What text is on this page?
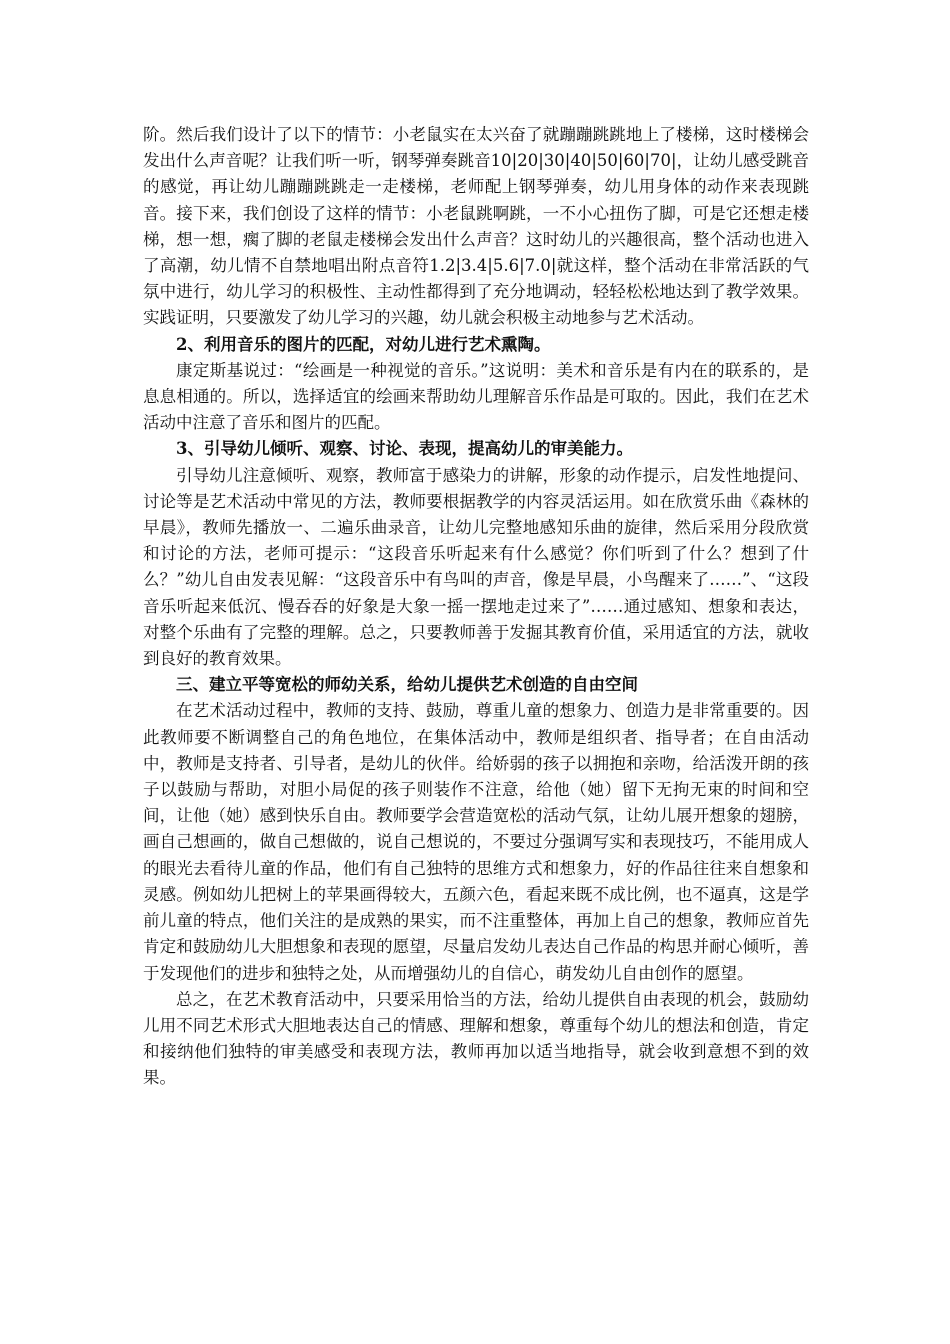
阶。然后我们设计了以下的情节：小老鼠实在太兴奋了就蹦蹦跳跳地上了楼梯，这时楼梯会发出什么声音呢？让我们听一听，钢琴弹奏跳音10|20|30|40|50|60|70|，让幼儿感受跳音的感觉，再让幼儿蹦蹦跳跳走一走楼梯，老师配上钢琴弹奏，幼儿用身体的动作来表现跳音。接下来，我们创设了这样的情节：小老鼠跳啊跳，一不小心扭伤了脚，可是它还想走楼梯，想一想，瘸了脚的老鼠走楼梯会发出什么声音？这时幼儿的兴趣很高，整个活动也进入了高潮，幼儿情不自禁地唱出附点音符1.2|3.4|5.6|7.0|就这样，整个活动在非常活跃的气氛中进行，幼儿学习的积极性、主动性都得到了充分地调动，轻轻松松地达到了教学效果。实践证明，只要激发了幼儿学习的兴趣，幼儿就会积极主动地参与艺术活动。

2、利用音乐的图片的匹配，对幼儿进行艺术熏陶。

康定斯基说过：“绘画是一种视觉的音乐。”这说明：美术和音乐是有内在的联系的，是息息相通的。所以，选择适宜的绘画来帮助幼儿理解音乐作品是可取的。因此，我们在艺术活动中注意了音乐和图片的匹配。

3、引导幼儿倾听、观察、讨论、表现，提高幼儿的审美能力。

引导幼儿注意倾听、观察，教师富于感染力的讲解，形象的动作提示，启发性地提问、讨论等是艺术活动中常见的方法，教师要根据教学的内容灵活运用。如在欣赏乐曲《森林的早晨》，教师先播放一、二遍乐曲录音，让幼儿完整地感知乐曲的旋律，然后采用分段欣赏和讨论的方法，老师可提示：“这段音乐听起来有什么感觉？你们听到了什么？想到了什么？”幼儿自由发表见解：“这段音乐中有鸟叫的声音，像是早晨，小鸟醒来了……”、“这段音乐听起来低沉、慢吞吞的好象是大象一摇一摆地走过来了”……通过感知、想象和表达，对整个乐曲有了完整的理解。总之，只要教师善于发掘其教育价值，采用适宜的方法，就收到良好的教育效果。

三、建立平等宽松的师幼关系，给幼儿提供艺术创造的自由空间

在艺术活动过程中，教师的支持、鼓励，尊重儿童的想象力、创造力是非常重要的。因此教师要不断调整自己的角色地位，在集体活动中，教师是组织者、指导者；在自由活动中，教师是支持者、引导者，是幼儿的伙伴。给娇弱的孩子以拥抱和亲吻，给活泼开朗的孩子以鼓励与帮助，对胆小局促的孩子则装作不注意，给他（她）留下无拘无束的时间和空间，让他（她）感到快乐自由。教师要学会营造宽松的活动气氛，让幼儿展开想象的翅膀，画自己想画的，做自己想做的，说自己想说的，不要过分强调写实和表现技巧，不能用成人的眼光去看待儿童的作品，他们有自己独特的思维方式和想象力，好的作品往往来自想象和灵感。例如幼儿把树上的苹果画得较大，五颜六色，看起来既不成比例，也不逼真，这是学前儿童的特点，他们关注的是成熟的果实，而不注重整体，再加上自己的想象，教师应首先肯定和鼓励幼儿大胆想象和表现的愿望，尽量启发幼儿表达自己作品的构思并耐心倾听，善于发现他们的进步和独特之处，从而增强幼儿的自信心，萌发幼儿自由创作的愿望。

总之，在艺术教育活动中，只要采用恰当的方法，给幼儿提供自由表现的机会，鼓励幼儿用不同艺术形式大胆地表达自己的情感、理解和想象，尊重每个幼儿的想法和创造，肯定和接纳他们独特的审美感受和表现方法，教师再加以适当地指导，就会收到意想不到的效果。
